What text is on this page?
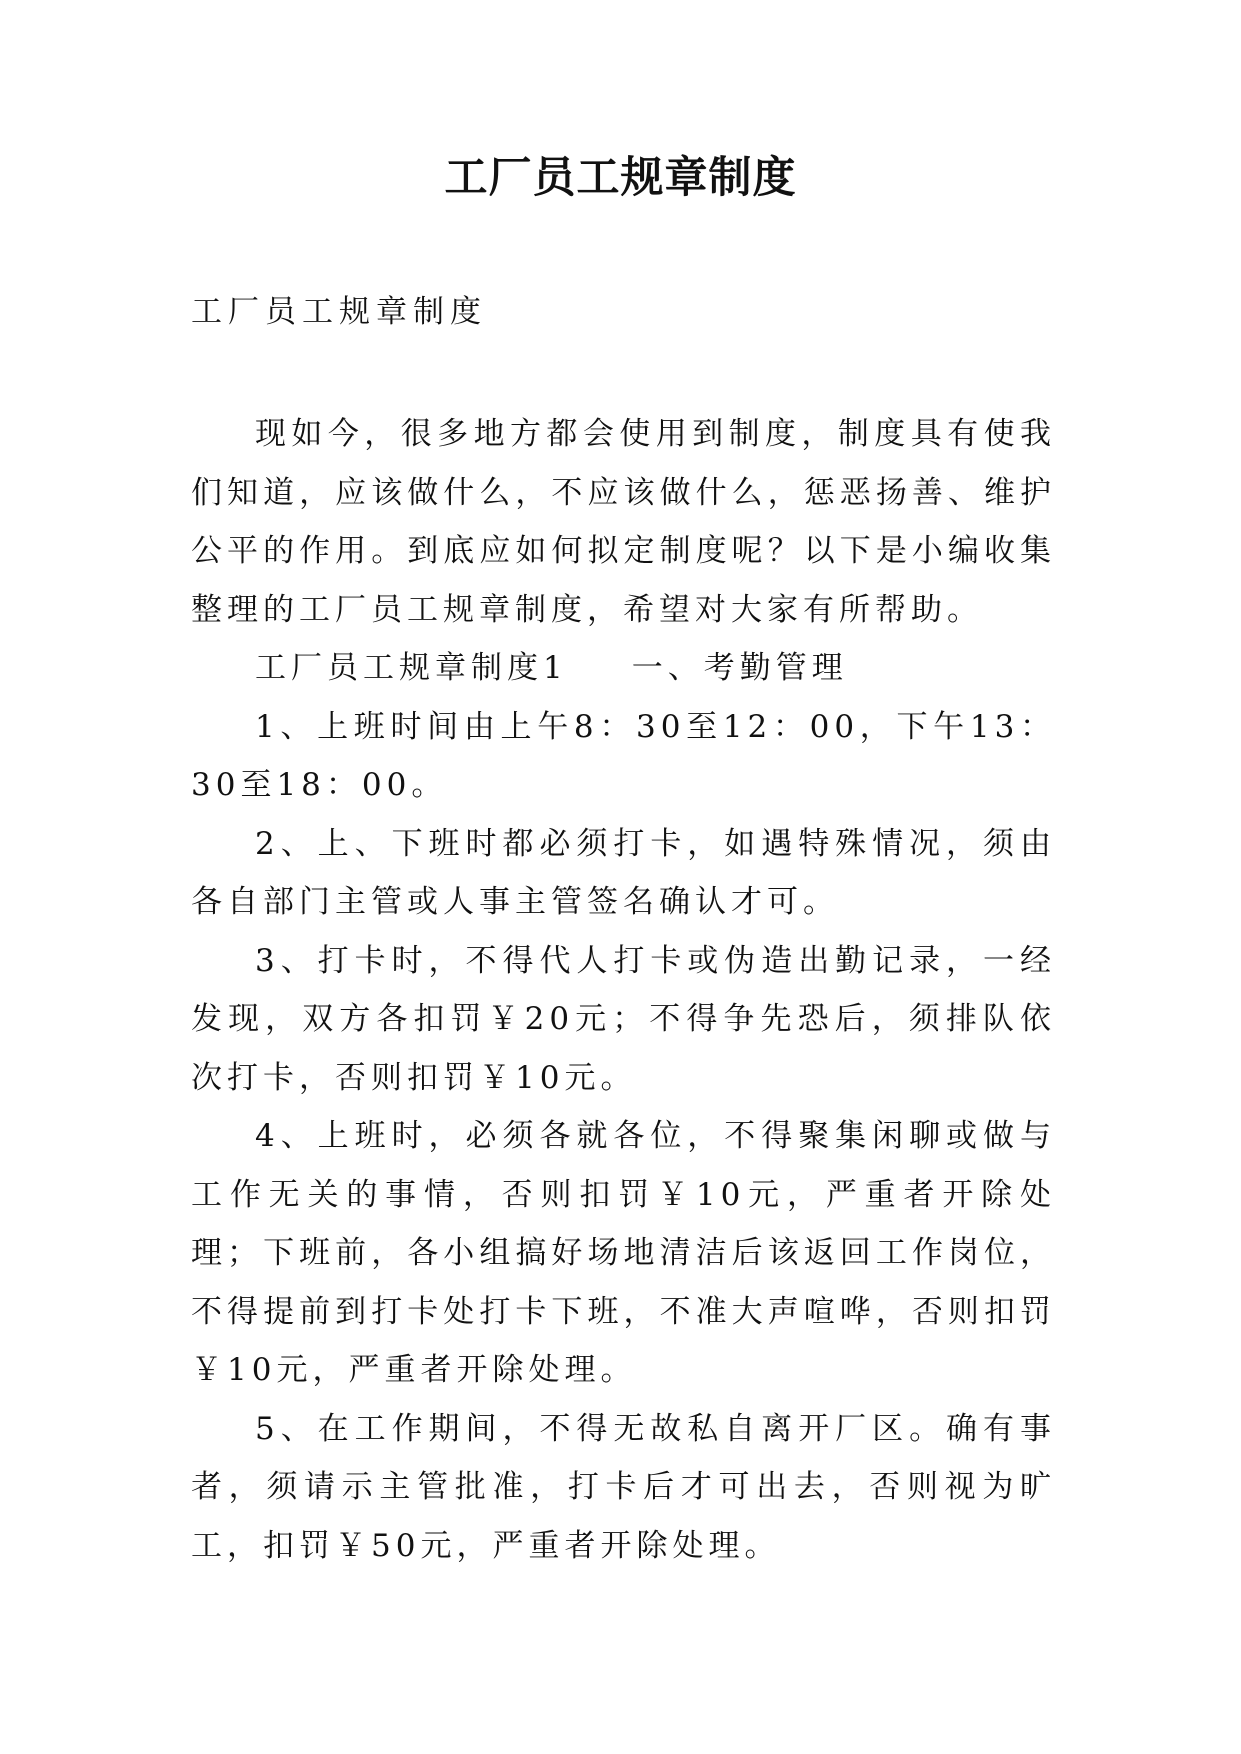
工厂员工规章制度
工厂员工规章制度

现如今，很多地方都会使用到制度，制度具有使我们知道，应该做什么，不应该做什么，惩恶扬善、维护公平的作用。到底应如何拟定制度呢？以下是小编收集整理的工厂员工规章制度，希望对大家有所帮助。

工厂员工规章制度1 一、考勤管理

1、上班时间由上午8：30至12：00，下午13：30至18：00。

2、上、下班时都必须打卡，如遇特殊情况，须由各自部门主管或人事主管签名确认才可。

3、打卡时，不得代人打卡或伪造出勤记录，一经发现，双方各扣罚￥20元；不得争先恐后，须排队依次打卡，否则扣罚￥10元。

4、上班时，必须各就各位，不得聚集闲聊或做与工作无关的事情，否则扣罚￥10元，严重者开除处理；下班前，各小组搞好场地清洁后该返回工作岗位，不得提前到打卡处打卡下班，不准大声喧哗，否则扣罚￥10元，严重者开除处理。

5、在工作期间，不得无故私自离开厂区。确有事者，须请示主管批准，打卡后才可出去，否则视为旷工，扣罚￥50元，严重者开除处理。
